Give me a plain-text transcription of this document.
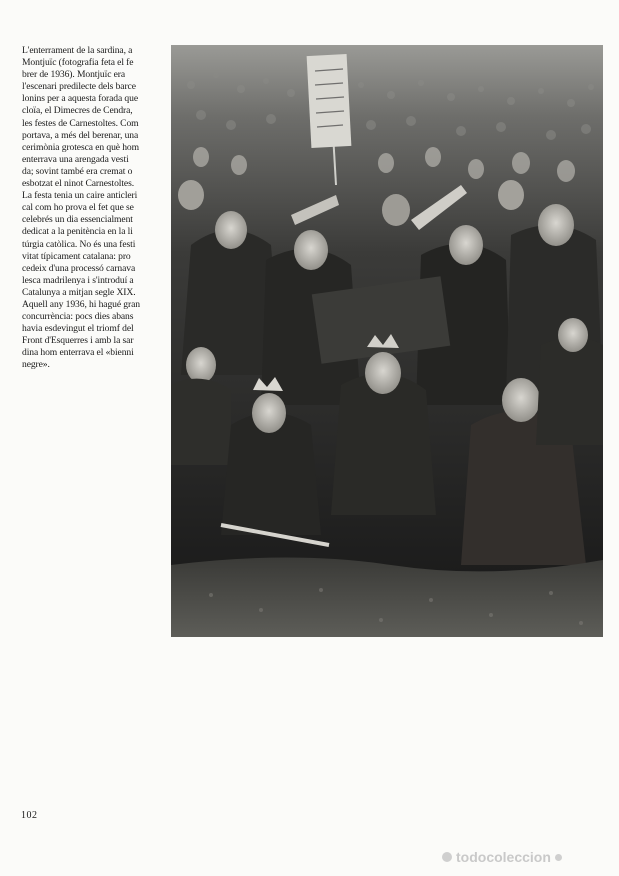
L'enterrament de la sardina, a
Montjuïc (fotografia feta el fe
brer de 1936). Montjuïc era
l'escenari predilecte dels barce
lonins per a aquesta forada que
cloïa, el Dimecres de Cendra,
les festes de Carnestoltes. Com
portava, a més del berenar, una
cerimònia grotesca en què hom
enterrava una arengada vesti
da; sovint també era cremat o
esbotzat el ninot Carnestoltes.
La festa tenia un caire anticleri
cal com ho prova el fet que se
celebrés un dia essencialment
dedicat a la penitència en la li
túrgia catòlica. No és una festi
vitat típicament catalana: pro
cedeix d'una processó carnava
lesca madrilenya i s'introduí a
Catalunya a mitjan segle XIX.
Aquell any 1936, hi hagué gran
concurrència: pocs dies abans
havia esdevingut el triomf del
Front d'Esquerres i amb la sar
dina hom enterrava el «bienni
negre».
102
todocoleccion
